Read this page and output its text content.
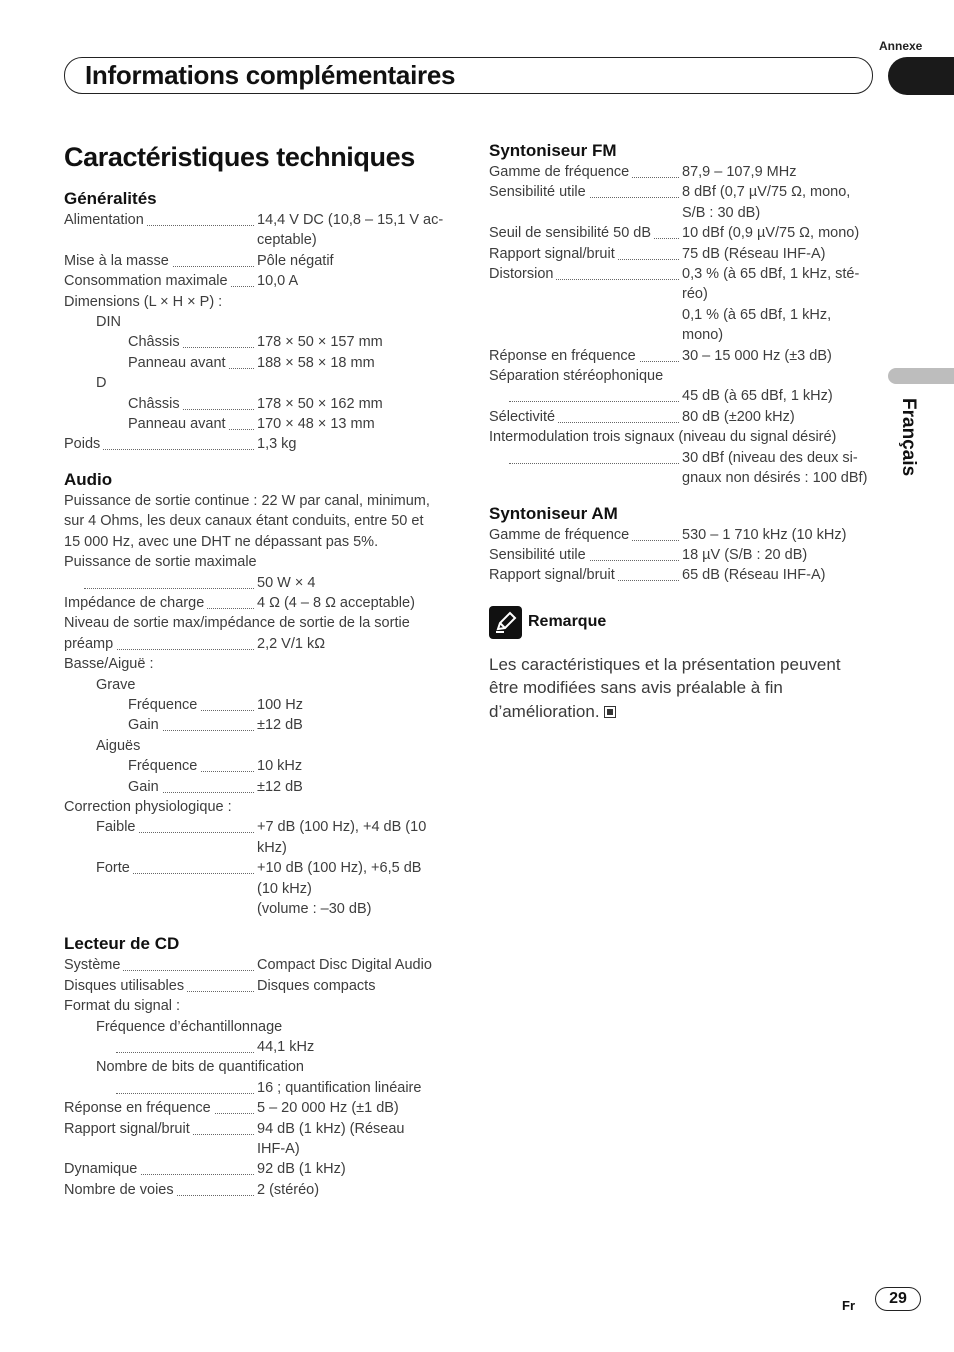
Annexe
Informations complémentaires
Français
Caractéristiques techniques
Généralités
Alimentation	14,4 V DC (10,8 – 15,1 V ac-
ceptable)
Mise à la masse	Pôle négatif
Consommation maximale	10,0 A
Dimensions (L × H × P) :
DIN
Châssis	178 × 50 × 157 mm
Panneau avant	188 × 58 × 18 mm
D
Châssis	178 × 50 × 162 mm
Panneau avant	170 × 48 × 13 mm
Poids	1,3 kg
Audio
Puissance de sortie continue : 22 W par canal, minimum, sur 4 Ohms, les deux canaux étant conduits, entre 50 et 15 000 Hz, avec une DHT ne dépassant pas 5%.
Puissance de sortie maximale
50 W × 4
Impédance de charge	4 Ω (4 – 8 Ω acceptable)
Niveau de sortie max/impédance de sortie de la sortie
préamp	2,2 V/1 kΩ
Basse/Aiguë :
Grave
Fréquence	100 Hz
Gain	±12 dB
Aiguës
Fréquence	10 kHz
Gain	±12 dB
Correction physiologique :
Faible	+7 dB (100 Hz), +4 dB (10
kHz)
Forte	+10 dB (100 Hz), +6,5 dB
(10 kHz)
(volume : –30 dB)
Lecteur de CD
Système	Compact Disc Digital Audio
Disques utilisables	Disques compacts
Format du signal :
Fréquence d’échantillonnage
44,1 kHz
Nombre de bits de quantification
16 ; quantification linéaire
Réponse en fréquence	5 – 20 000 Hz (±1 dB)
Rapport signal/bruit	94 dB (1 kHz) (Réseau
IHF-A)
Dynamique	92 dB (1 kHz)
Nombre de voies	2 (stéréo)
Syntoniseur FM
Gamme de fréquence	87,9 – 107,9 MHz
Sensibilité utile	8 dBf (0,7 µV/75 Ω, mono,
S/B : 30 dB)
Seuil de sensibilité 50 dB	10 dBf (0,9 µV/75 Ω, mono)
Rapport signal/bruit	75 dB (Réseau IHF-A)
Distorsion	0,3 % (à 65 dBf, 1 kHz, sté-
réo)
0,1 % (à 65 dBf, 1 kHz,
mono)
Réponse en fréquence	30 – 15 000 Hz (±3 dB)
Séparation stéréophonique
45 dB (à 65 dBf, 1 kHz)
Sélectivité	80 dB (±200 kHz)
Intermodulation trois signaux (niveau du signal désiré)
30 dBf (niveau des deux si-
gnaux non désirés : 100 dBf)
Syntoniseur AM
Gamme de fréquence	530 – 1 710 kHz (10 kHz)
Sensibilité utile	18 µV (S/B : 20 dB)
Rapport signal/bruit	65 dB (Réseau IHF-A)
Remarque
Les caractéristiques et la présentation peuvent être modifiées sans avis préalable à fin d’amélioration.
Fr	29
